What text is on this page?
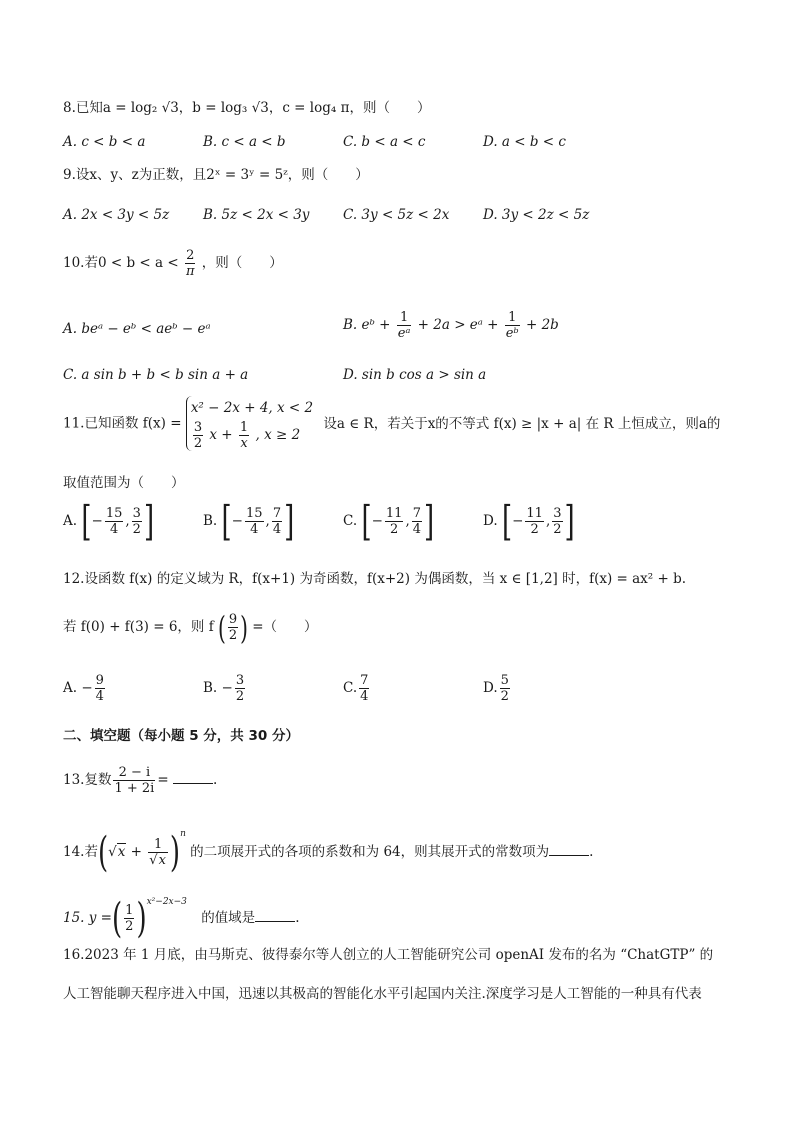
8.已知a = log₂ √3，b = log₃ √3，c = log₄ π，则（　　）
A. c < b < a	B. c < a < b	C. b < a < c	D. a < b < c
9.设x、y、z为正数，且2ˣ = 3ʸ = 5ᶻ，则（　　）
A. 2x < 3y < 5z	B. 5z < 2x < 3y C. 3y < 5z < 2x D. 3y < 2z < 5z
10.若$0 < b < a < \frac{2}{\pi}$ ，则（　　）
A. beᵃ − eᵇ < aeᵇ − eᵃ	B. eᵇ + $\frac{1}{\text{eᵃ}} + 2a$ > eᵃ + $\frac{1}{\text{eᵇ}} + 2b$
C. a sin b + b < b sin a + a	D. sin b cos a > sin a
11.已知函数 f(x) =
x² − 2x + 4, x < 2
$\frac{3}{2}$ $x + \frac{1}{x}$ , x ≥ 2
设a ∈ R，若关于x的不等式 f(x) ≥ |x + a| 在 R 上恒成立，则a的
取值范围为（　　）
A. [− $\frac{15}{4}$ , $\frac{3}{2}$ ]	B. [− $\frac{15}{4}$ , $\frac{7}{4}$ ]	C. [− $\frac{11}{2}$ , $\frac{7}{4}$ ]	D. [− $\frac{11}{2}$ , $\frac{3}{2}$ ]
12.设函数 f(x) 的定义域为 R，f(x+1) 为奇函数，f(x+2) 为偶函数，当 x ∈ [1,2] 时，f(x) = ax² + b.
若 f(0) + f(3) = 6，则 f ( $\frac{9}{2}$ ) =（　　）
A. − $\frac{9}{4}$	B. − $\frac{3}{2}$	C. $\frac{7}{4}$	D. $\frac{5}{2}$
二、填空题（每小题 5 分，共 30 分）
13.复数 $\frac{2 - i}{1 + 2i}$ =	.
14.若$(√x + \frac{1}{√x} )^n$ 的二项展开式的各项的系数和为 64，则其展开式的常数项为	.
15. y =( $\frac{1}{2} )^{x^2-2x-3}$ 的值域是	.
16.2023 年 1 月底，由马斯克、彼得泰尔等人创立的人工智能研究公司 openAI 发布的名为 “ChatGTP” 的
人工智能聊天程序进入中国，迅速以其极高的智能化水平引起国内关注.深度学习是人工智能的一种具有代表
